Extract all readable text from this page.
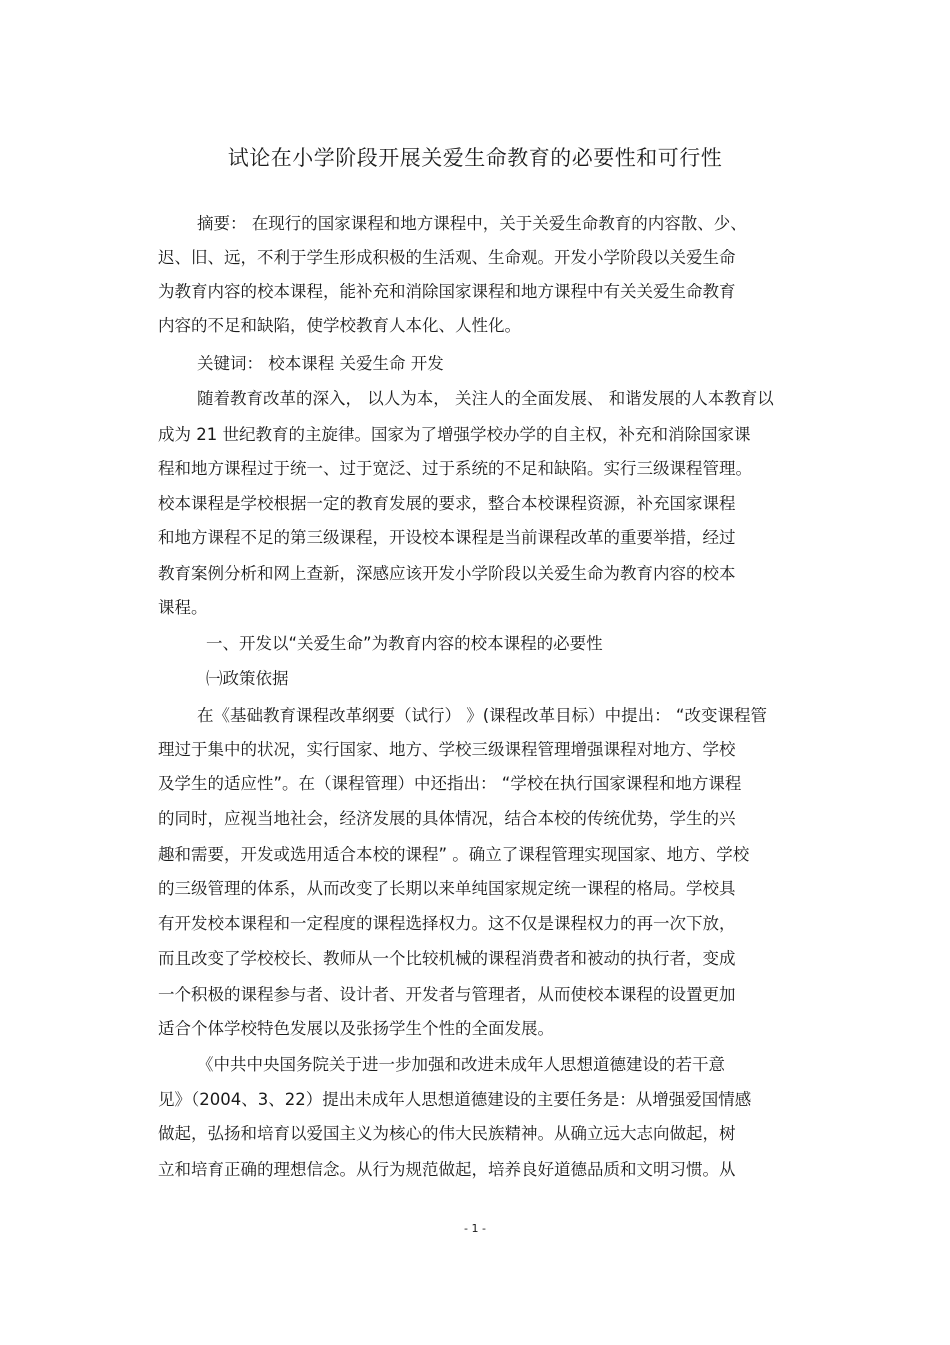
试论在小学阶段开展关爱生命教育的必要性和可行性
摘要： 在现行的国家课程和地方课程中，关于关爱生命教育的内容散、少、
迟、旧、远，不利于学生形成积极的生活观、生命观。开发小学阶段以关爱生命
为教育内容的校本课程，能补充和消除国家课程和地方课程中有关关爱生命教育
内容的不足和缺陷，使学校教育人本化、人性化。
关键词： 校本课程 关爱生命 开发
随着教育改革的深入， 以人为本， 关注人的全面发展、 和谐发展的人本教育以
成为 21 世纪教育的主旋律。国家为了增强学校办学的自主权，补充和消除国家课
程和地方课程过于统一、过于宽泛、过于系统的不足和缺陷。实行三级课程管理。
校本课程是学校根据一定的教育发展的要求，整合本校课程资源，补充国家课程
和地方课程不足的第三级课程，开设校本课程是当前课程改革的重要举措，经过
教育案例分析和网上查新，深感应该开发小学阶段以关爱生命为教育内容的校本
课程。
一、开发以“关爱生命”为教育内容的校本课程的必要性
㈠政策依据
在《基础教育课程改革纲要（试行） 》(课程改革目标）中提出： “改变课程管
理过于集中的状况，实行国家、地方、学校三级课程管理增强课程对地方、学校
及学生的适应性”。在（课程管理）中还指出： “学校在执行国家课程和地方课程
的同时，应视当地社会，经济发展的具体情况，结合本校的传统优势，学生的兴
趣和需要，开发或选用适合本校的课程” 。确立了课程管理实现国家、地方、学校
的三级管理的体系，从而改变了长期以来单纯国家规定统一课程的格局。学校具
有开发校本课程和一定程度的课程选择权力。这不仅是课程权力的再一次下放，
而且改变了学校校长、教师从一个比较机械的课程消费者和被动的执行者，变成
一个积极的课程参与者、设计者、开发者与管理者，从而使校本课程的设置更加
适合个体学校特色发展以及张扬学生个性的全面发展。
《中共中央国务院关于进一步加强和改进未成年人思想道德建设的若干意
见》（2004、3、22）提出未成年人思想道德建设的主要任务是：从增强爱国情感
做起，弘扬和培育以爱国主义为核心的伟大民族精神。从确立远大志向做起，树
立和培育正确的理想信念。从行为规范做起，培养良好道德品质和文明习惯。从
- 1 -
